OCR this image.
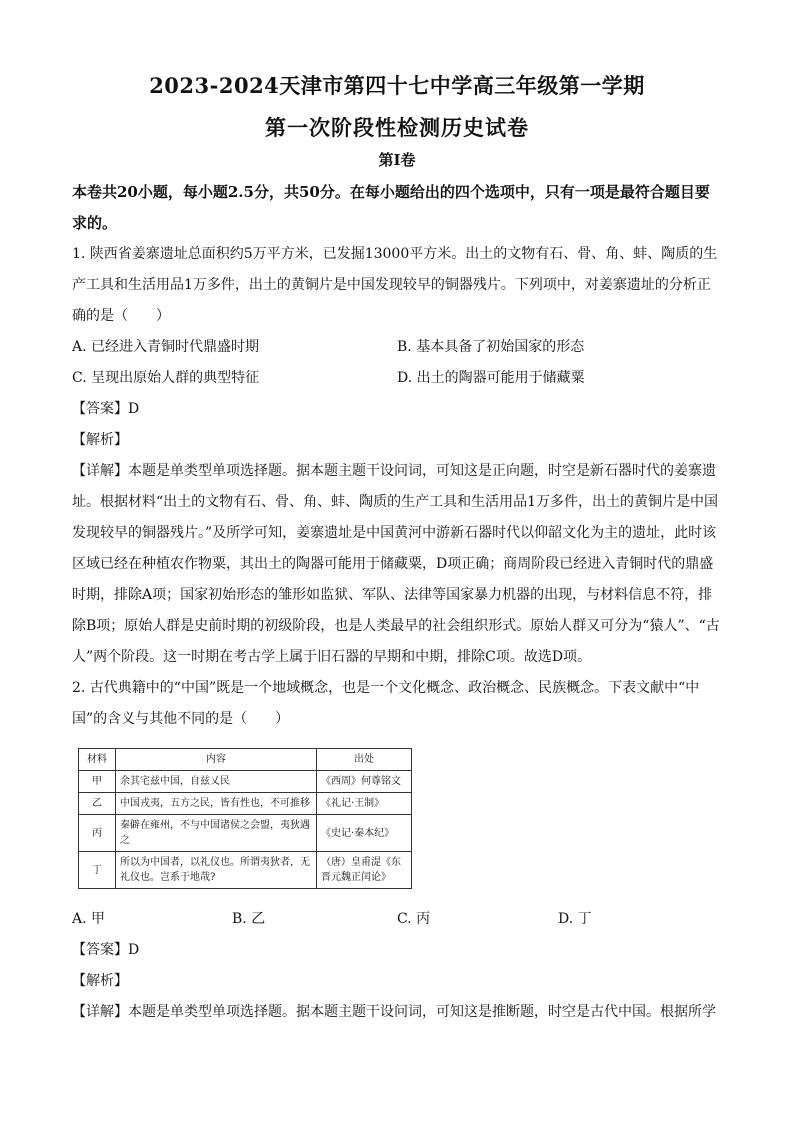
2023-2024天津市第四十七中学高三年级第一学期
第一次阶段性检测历史试卷
第Ⅰ卷

本卷共20小题，每小题2.5分，共50分。在每小题给出的四个选项中，只有一项是最符合题目要求的。

1. 陕西省姜寨遗址总面积约5万平方米，已发掘13000平方米。出土的文物有石、骨、角、蚌、陶质的生产工具和生活用品1万多件，出土的黄铜片是中国发现较早的铜器残片。下列项中，对姜寨遗址的分析正确的是（　　）

A. 已经进入青铜时代鼎盛时期	B. 基本具备了初始国家的形态
C. 呈现出原始人群的典型特征	D. 出土的陶器可能用于储藏粟

【答案】D

【解析】

【详解】本题是单类型单项选择题。据本题主题干设问词，可知这是正向题，时空是新石器时代的姜寨遗址。根据材料“出土的文物有石、骨、角、蚌、陶质的生产工具和生活用品1万多件，出土的黄铜片是中国发现较早的铜器残片。”及所学可知，姜寨遗址是中国黄河中游新石器时代以仰韶文化为主的遗址，此时该区域已经在种植农作物粟，其出土的陶器可能用于储藏粟，D项正确；商周阶段已经进入青铜时代的鼎盛时期，排除A项；国家初始形态的雏形如监狱、军队、法律等国家暴力机器的出现，与材料信息不符，排除B项；原始人群是史前时期的初级阶段，也是人类最早的社会组织形式。原始人群又可分为“猿人”、“古人”两个阶段。这一时期在考古学上属于旧石器的早期和中期，排除C项。故选D项。

2. 古代典籍中的“中国”既是一个地域概念，也是一个文化概念、政治概念、民族概念。下表文献中“中国”的含义与其他不同的是（　　）

材料	内容	出处
甲	余其宅兹中国，自兹乂民	《西周》何尊铭文
乙	中国戎夷，五方之民，皆有性也，不可推移	《礼记·王制》
丙	秦僻在雍州，不与中国诸侯之会盟，夷狄遇之	《史记·秦本纪》
丁	所以为中国者，以礼仪也。所谓夷狄者，无礼仪也。岂系于地哉?	（唐）皇甫湜《东晋元魏正闰论》
A. 甲	B. 乙	C. 丙	D. 丁

【答案】D

【解析】

【详解】本题是单类型单项选择题。据本题主题干设问词，可知这是推断题，时空是古代中国。根据所学
